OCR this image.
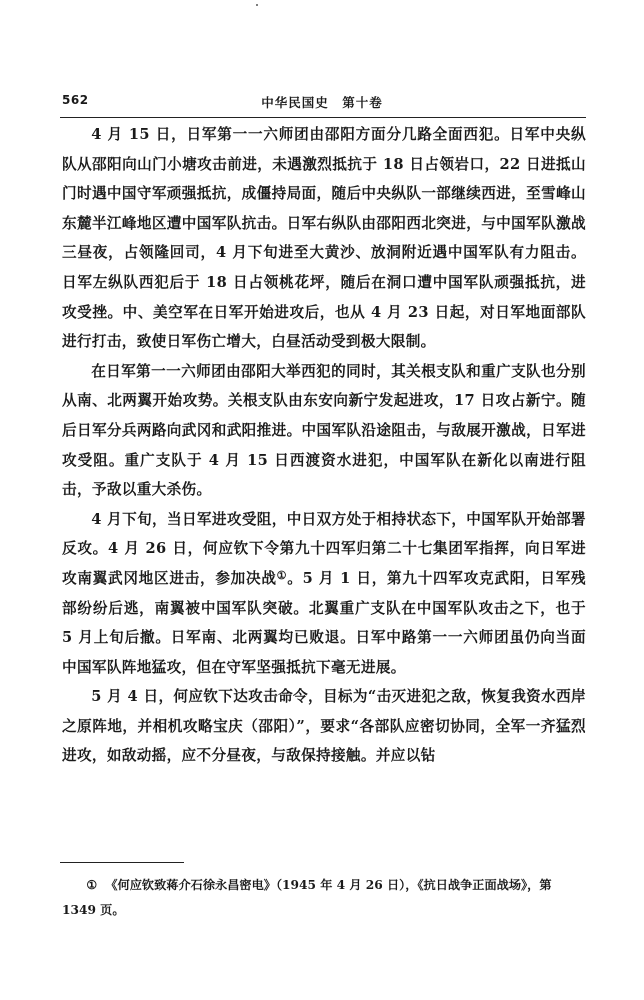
562	中华民国史　第十卷

4 月 15 日，日军第一一六师团由邵阳方面分几路全面西犯。日军中央纵队从邵阳向山门小塘攻击前进，未遇激烈抵抗于 18 日占领岩口，22 日进抵山门时遇中国守军顽强抵抗，成僵持局面，随后中央纵队一部继续西进，至雪峰山东麓半江峰地区遭中国军队抗击。日军右纵队由邵阳西北突进，与中国军队激战三昼夜，占领隆回司，4 月下旬进至大黄沙、放洞附近遇中国军队有力阻击。日军左纵队西犯后于 18 日占领桃花坪，随后在洞口遭中国军队顽强抵抗，进攻受挫。中、美空军在日军开始进攻后，也从 4 月 23 日起，对日军地面部队进行打击，致使日军伤亡增大，白昼活动受到极大限制。

在日军第一一六师团由邵阳大举西犯的同时，其关根支队和重广支队也分别从南、北两翼开始攻势。关根支队由东安向新宁发起进攻，17 日攻占新宁。随后日军分兵两路向武冈和武阳推进。中国军队沿途阻击，与敌展开激战，日军进攻受阻。重广支队于 4 月 15 日西渡资水进犯，中国军队在新化以南进行阻击，予敌以重大杀伤。

4 月下旬，当日军进攻受阻，中日双方处于相持状态下，中国军队开始部署反攻。4 月 26 日，何应钦下令第九十四军归第二十七集团军指挥，向日军进攻南翼武冈地区进击，参加决战①。5 月 1 日，第九十四军攻克武阳，日军残部纷纷后逃，南翼被中国军队突破。北翼重广支队在中国军队攻击之下，也于 5 月上旬后撤。日军南、北两翼均已败退。日军中路第一一六师团虽仍向当面中国军队阵地猛攻，但在守军坚强抵抗下毫无进展。

5 月 4 日，何应钦下达攻击命令，目标为“击灭进犯之敌，恢复我资水西岸之原阵地，并相机攻略宝庆（邵阳）”，要求“各部队应密切协同，全军一齐猛烈进攻，如敌动摇，应不分昼夜，与敌保持接触。并应以钻

① 《何应钦致蒋介石徐永昌密电》（1945 年 4 月 26 日），《抗日战争正面战场》，第 1349 页。
